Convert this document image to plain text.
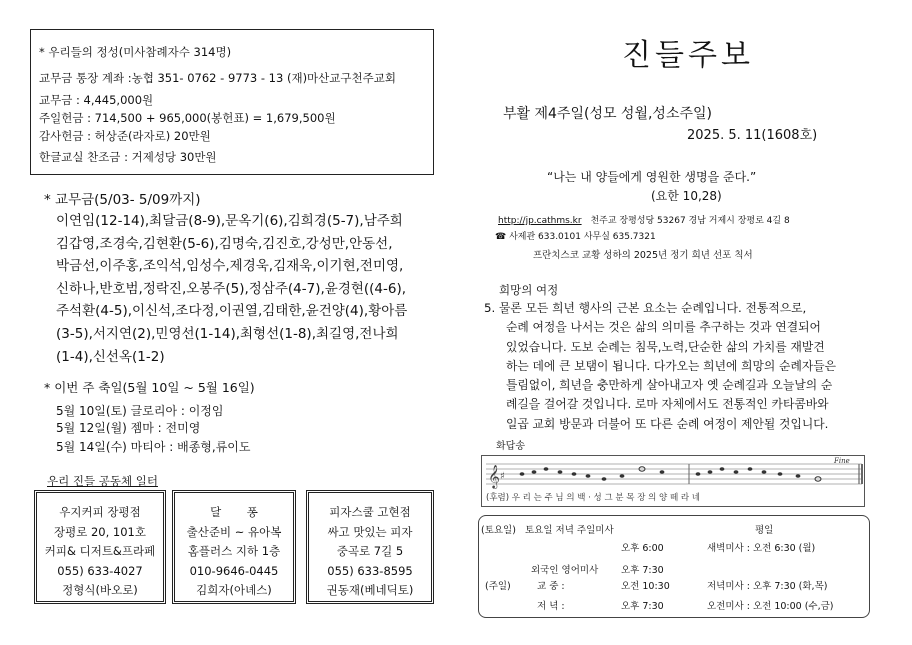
* 우리들의 정성(미사참례자수 314명)
교무금 통장 계좌 :농협 351- 0762 - 9773 - 13 (재)마산교구천주교회
교무금 : 4,445,000원
주일헌금 : 714,500 + 965,000(봉헌표) = 1,679,500원
감사헌금 : 허상준(라자로) 20만원
한글교실 찬조금 : 거제성당 30만원
* 교무금(5/03- 5/09까지)
이연임(12-14),최달금(8-9),문옥기(6),김희경(5-7),남주희
김갑영,조경숙,김현환(5-6),김명숙,김진호,강성만,안동선,
박금선,이주홍,조익석,임성수,제경욱,김재욱,이기현,전미영,
신하나,반호범,정락진,오봉주(5),정삼주(4-7),윤경현((4-6),
주석환(4-5),이신석,조다정,이권열,김태한,윤건양(4),황아름
(3-5),서지연(2),민영선(1-14),최형선(1-8),최길영,전나희
(1-4),신선옥(1-2)
* 이번 주 축일(5월 10일 ~ 5월 16일)
5월 10일(토) 글로리아 : 이정임
5월 12일(월) 젬마 : 전미영
5월 14일(수) 마티아 : 배종형,류이도
우리 진들 공동체 일터
우지커피 장평점
장평로 20, 101호
커피& 디저트&프라페
055) 633-4027
정형식(바오로)
달       퐁
출산준비 ~ 유아복
홈플러스 지하 1층
010-9646-0445
김희자(아녜스)
피자스쿨 고현점
싸고 맛있는 피자
중곡로 7길 5
055) 633-8595
권동재(베네딕토)
진들주보
부활 제4주일(성모 성월,성소주일)
2025. 5. 11(1608호)
“나는 내 양들에게 영원한 생명을 준다.”
(요한 10,28)
http://jp.cathms.kr 천주교 장평성당 53267 경남 거제시 장평로 4길 8
☎ 사제관 633.0101 사무실 635.7321
프란치스코 교황 성하의 2025년 정기 희년 선포 칙서
희망의 여정
5. 물론 모든 희년 행사의 근본 요소는 순례입니다. 전통적으로,
순례 여정을 나서는 것은 삶의 의미를 추구하는 것과 연결되어
있었습니다. 도보 순례는 침묵,노력,단순한 삶의 가치를 재발견
하는 데에 큰 보탬이 됩니다. 다가오는 희년에 희망의 순례자들은
틀림없이, 희년을 충만하게 살아내고자 옛 순례길과 오늘날의 순
례길을 걸어갈 것입니다. 로마 자체에서도 전통적인 카타콤바와
일곱 교회 방문과 더불어 또 다른 순례 여정이 제안될 것입니다.
화답송
𝄞 ♯
Fine
(후렴) 우 리 는 주 님 의 백 ‧ 성 그 분 목 장 의 양 떼 라 네
(토요일) 토요일 저녁 주일미사	평일
오후 6:00	새벽미사 : 오전 6:30 (월)
외국인 영어미사 오후 7:30
(주일)	교 중 :	오전 10:30	저녁미사 : 오후 7:30 (화,목)
저 녁 :	오후 7:30	오전미사 : 오전 10:00 (수,금)
